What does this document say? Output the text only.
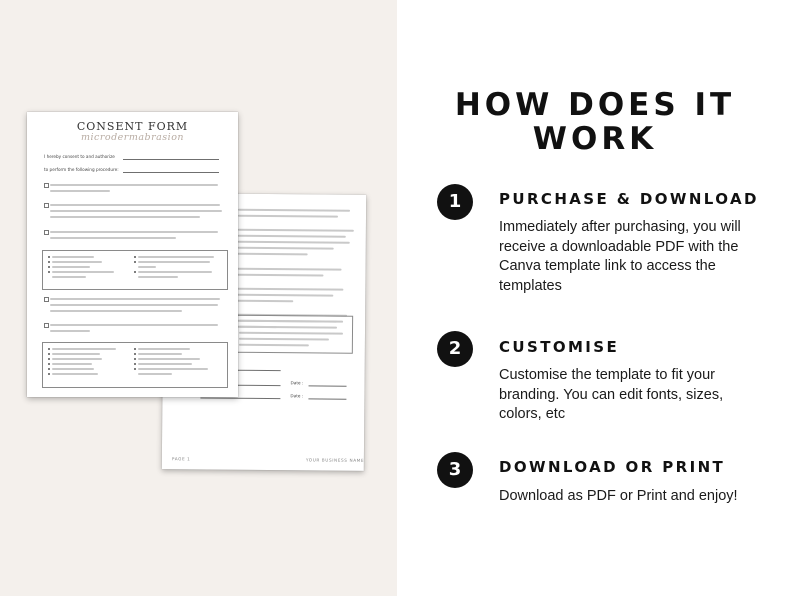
Date :
Date :
PAGE 1	YOUR BUSINESS NAME
CONSENT FORM
microdermabrasion
I hereby consent to and authorize
to perform the following procedure:
HOW DOES IT WORK
1	PURCHASE & DOWNLOAD
Immediately after purchasing, you will receive a downloadable PDF with the Canva template link to access the templates
2	CUSTOMISE
Customise the template to fit your branding. You can edit fonts, sizes, colors, etc
3	DOWNLOAD OR PRINT
Download as PDF or Print and enjoy!
